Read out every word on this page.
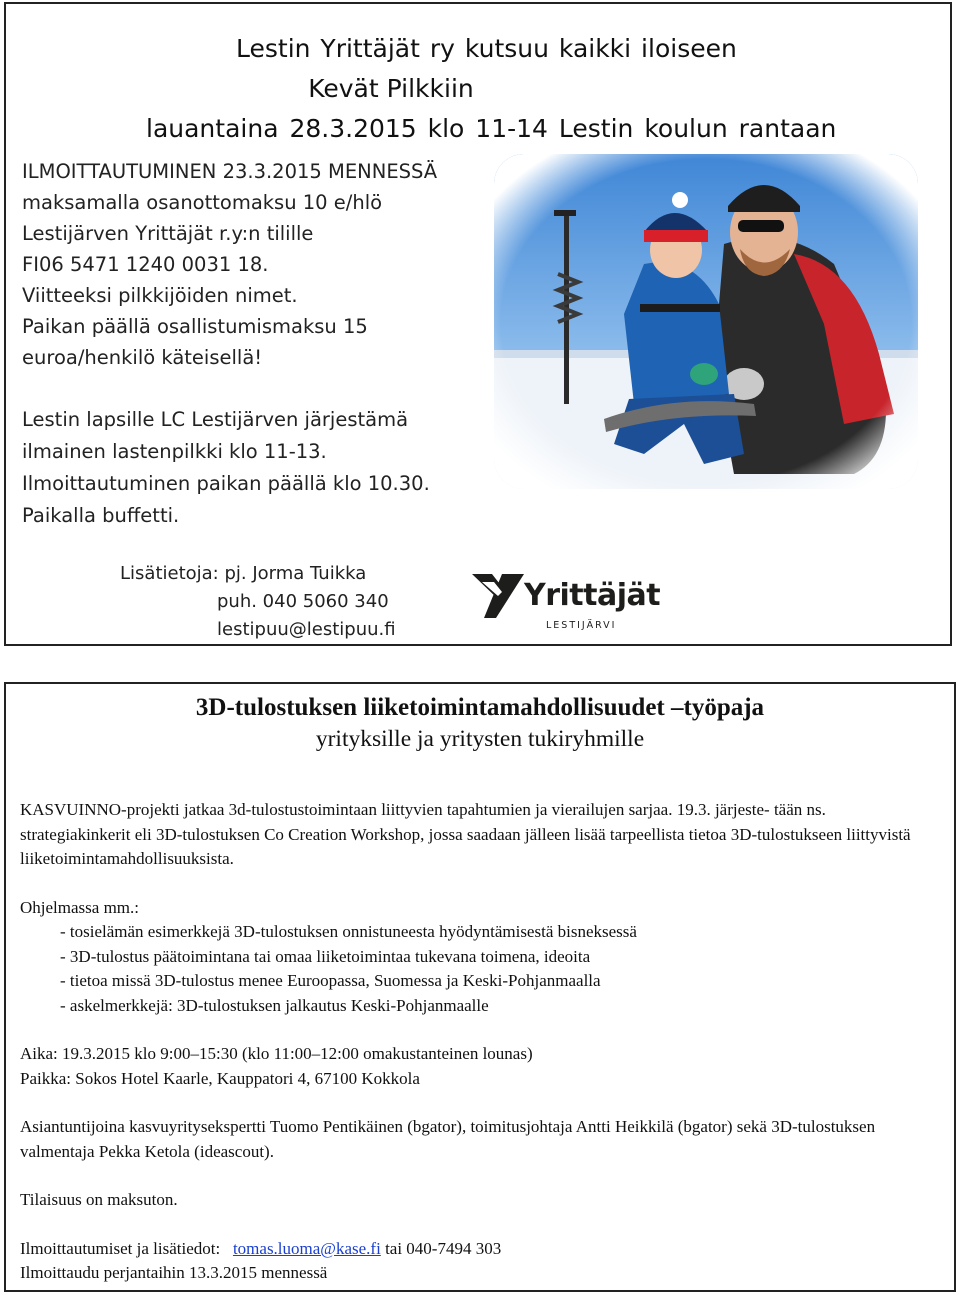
Lestin Yrittäjät ry kutsuu kaikki iloiseen
Kevät Pilkkiin
lauantaina 28.3.2015 klo 11-14 Lestin koulun rantaan
ILMOITTAUTUMINEN 23.3.2015 MENNESSÄ
maksamalla osanottomaksu 10 e/hlö
Lestijärven Yrittäjät r.y:n tilille
FI06 5471 1240 0031 18.
Viitteeksi pilkkijöiden nimet.
Paikan päällä osallistumismaksu 15
euroa/henkilö käteisellä!
Lestin lapsille LC Lestijärven järjestämä
ilmainen lastenpilkki klo 11-13.
Ilmoittautuminen paikan päällä klo 10.30.
Paikalla buffetti.
Lisätietoja: pj. Jorma Tuikka
puh. 040 5060 340
lestipuu@lestipuu.fi
Yrittäjät
LESTIJÄRVI
3D-tulostuksen liiketoimintamahdollisuudet –työpaja
yrityksille ja yritysten tukiryhmille

KASVUINNO-projekti jatkaa 3d-tulostustoimintaan liittyvien tapahtumien ja vierailujen sarjaa. 19.3. järjeste- tään ns. strategiakinkerit eli 3D-tulostuksen Co Creation Workshop, jossa saadaan jälleen lisää tarpeellista tietoa 3D-tulostukseen liittyvistä liiketoimintamahdollisuuksista.

Ohjelmassa mm.:

- tosielämän esimerkkejä 3D-tulostuksen onnistuneesta hyödyntämisestä bisneksessä
- 3D-tulostus päätoimintana tai omaa liiketoimintaa tukevana toimena, ideoita
- tietoa missä 3D-tulostus menee Euroopassa, Suomessa ja Keski-Pohjanmaalla
- askelmerkkejä: 3D-tulostuksen jalkautus Keski-Pohjanmaalle

Aika: 19.3.2015 klo 9:00–15:30 (klo 11:00–12:00 omakustanteinen lounas)

Paikka: Sokos Hotel Kaarle, Kauppatori 4, 67100 Kokkola

Asiantuntijoina kasvuyritysekspertti Tuomo Pentikäinen (bgator), toimitusjohtaja Antti Heikkilä (bgator) sekä 3D-tulostuksen valmentaja Pekka Ketola (ideascout).

Tilaisuus on maksuton.

Ilmoittautumiset ja lisätiedot: tomas.luoma@kase.fi tai 040-7494 303

Ilmoittaudu perjantaihin 13.3.2015 mennessä
